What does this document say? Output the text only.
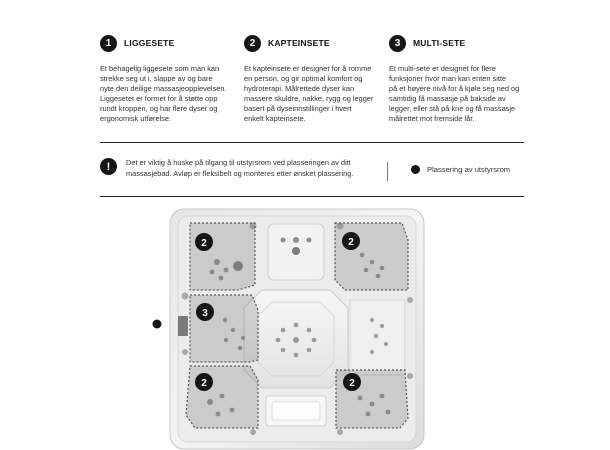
1	LIGGESETE
Et behagelig liggesete som man kan
strekke seg ut i, slappe av og bare
nyte den deilige massasjeopplevelsen.
Liggesetet er formet for å støtte opp
rundt kroppen, og har flere dyser og
ergonomisk utførelse.
2	KAPTEINSETE
Et kapteinsete er designet for å romme
en person, og gir optimal komfort og
hydroterapi. Målrettede dyser kan
massere skuldre, nakke, rygg og legger
basert på dyseinnstillinger i hvert
enkelt kapteinsete.
3	MULTI-SETE
Et multi-sete er designet for flere
funksjoner hvor man kan enten sitte
på et høyere nivå for å kjøle seg ned og
samtidig få massasje på bakside av
legger, eller stå på kne og få massasje
målrettet mot fremside lår.
!	Det er viktig å huske på tilgang til utstyrsrom ved plasseringen av ditt
massasjebad. Avløp er fleksibelt og monteres etter ønsket plassering.	Plassering av utstyrsrom
2	2
3
2	2
